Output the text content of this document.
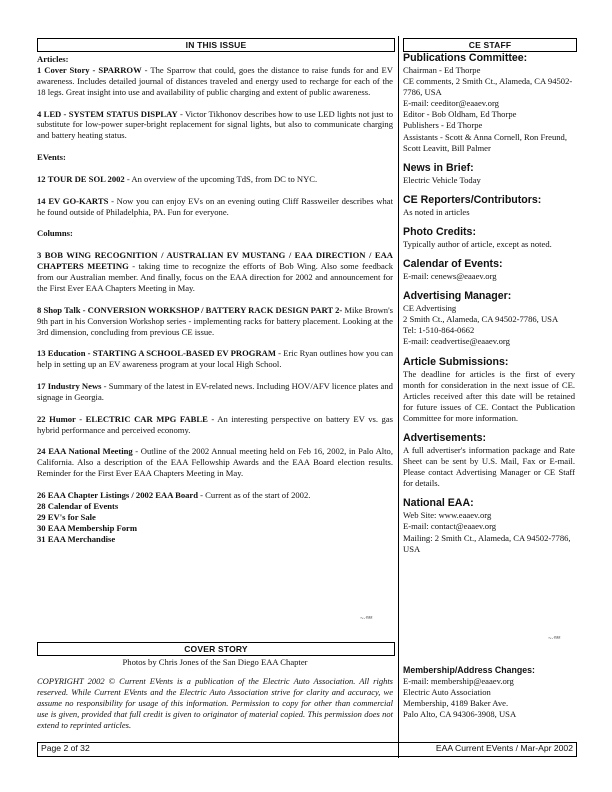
IN THIS ISSUE	CE STAFF

Articles:

1 Cover Story - SPARROW - The Sparrow that could, goes the distance to raise funds for and EV awareness. Includes detailed journal of distances traveled and energy used to recharge for each of the 18 legs. Great insight into use and availability of public charging and extent of public awareness.

4 LED - SYSTEM STATUS DISPLAY - Victor Tikhonov describes how to use LED lights not just to substitute for low-power super-bright replacement for signal lights, but also to communicate charging and battery heating status.

EVents:

12 TOUR DE SOL 2002 - An overview of the upcoming TdS, from DC to NYC.

14 EV GO-KARTS - Now you can enjoy EVs on an evening outing Cliff Rassweiler describes what he found outside of Philadelphia, PA. Fun for everyone.

Columns:

3 BOB WING RECOGNITION / AUSTRALIAN EV MUSTANG / EAA DIRECTION / EAA CHAPTERS MEETING - taking time to recognize the efforts of Bob Wing. Also some feedback from our Australian member. And finally, focus on the EAA direction for 2002 and announcement for the First Ever EAA Chapters Meeting in May.

8 Shop Talk - CONVERSION WORKSHOP / BATTERY RACK DESIGN PART 2- Mike Brown's 9th part in his Conversion Workshop series - implementing racks for battery placement. Looking at the 3rd dimension, concluding from previous CE issue.

13 Education - STARTING A SCHOOL-BASED EV PROGRAM - Eric Ryan outlines how you can help in setting up an EV awareness program at your local High School.

17 Industry News - Summary of the latest in EV-related news. Including HOV/AFV licence plates and signage in Georgia.

22 Humor - ELECTRIC CAR MPG FABLE - An interesting perspective on battery EV vs. gas hybrid performance and perceived economy.

24 EAA National Meeting - Outline of the 2002 Annual meeting held on Feb 16, 2002, in Palo Alto, California. Also a description of the EAA Fellowship Awards and the EAA Board election results. Reminder for the First Ever EAA Chapters Meeting in May.

26 EAA Chapter Listings / 2002 EAA Board - Current as of the start of 2002.

28 Calendar of Events

29 EV's for Sale

30 EAA Membership Form

31 EAA Merchandise

~·ᵉᵃᵃ
COVER STORY
Photos by Chris Jones of the San Diego EAA Chapter
COPYRIGHT 2002 © Current EVents is a publication of the Electric Auto Association. All rights reserved. While Current EVents and the Electric Auto Association strive for clarity and accuracy, we assume no responsibility for usage of this information. Permission to copy for other than commercial use is given, provided that full credit is given to originator of material copied. This permission does not extend to reprinted articles.
Publications Committee:

Chairman - Ed Thorpe

CE comments, 2 Smith Ct., Alameda, CA 94502-7786, USA

E-mail: ceeditor@eaaev.org

Editor - Bob Oldham, Ed Thorpe

Publishers - Ed Thorpe

Assistants - Scott & Anna Cornell, Ron Freund, Scott Leavitt, Bill Palmer

News in Brief:

Electric Vehicle Today

CE Reporters/Contributors:

As noted in articles

Photo Credits:

Typically author of article, except as noted.

Calendar of Events:

E-mail: cenews@eaaev.org

Advertising Manager:

CE Advertising

2 Smith Ct., Alameda, CA 94502-7786, USA

Tel: 1-510-864-0662

E-mail: ceadvertise@eaaev.org

Article Submissions:

The deadline for articles is the first of every month for consideration in the next issue of CE. Articles received after this date will be retained for future issues of CE. Contact the Publication Committee for more information.

Advertisements:

A full advertiser's information package and Rate Sheet can be sent by U.S. Mail, Fax or E-mail. Please contact Advertising Manager or CE Staff for details.

National EAA:

Web Site: www.eaaev.org

E-mail: contact@eaaev.org

Mailing: 2 Smith Ct., Alameda, CA 94502-7786, USA

~·ᵉᵃᵃ
Membership/Address Changes:

E-mail: membership@eaaev.org

Electric Auto Association

Membership, 4189 Baker Ave.

Palo Alto, CA 94306-3908, USA

Page 2 of 32	EAA Current EVents / Mar-Apr 2002
